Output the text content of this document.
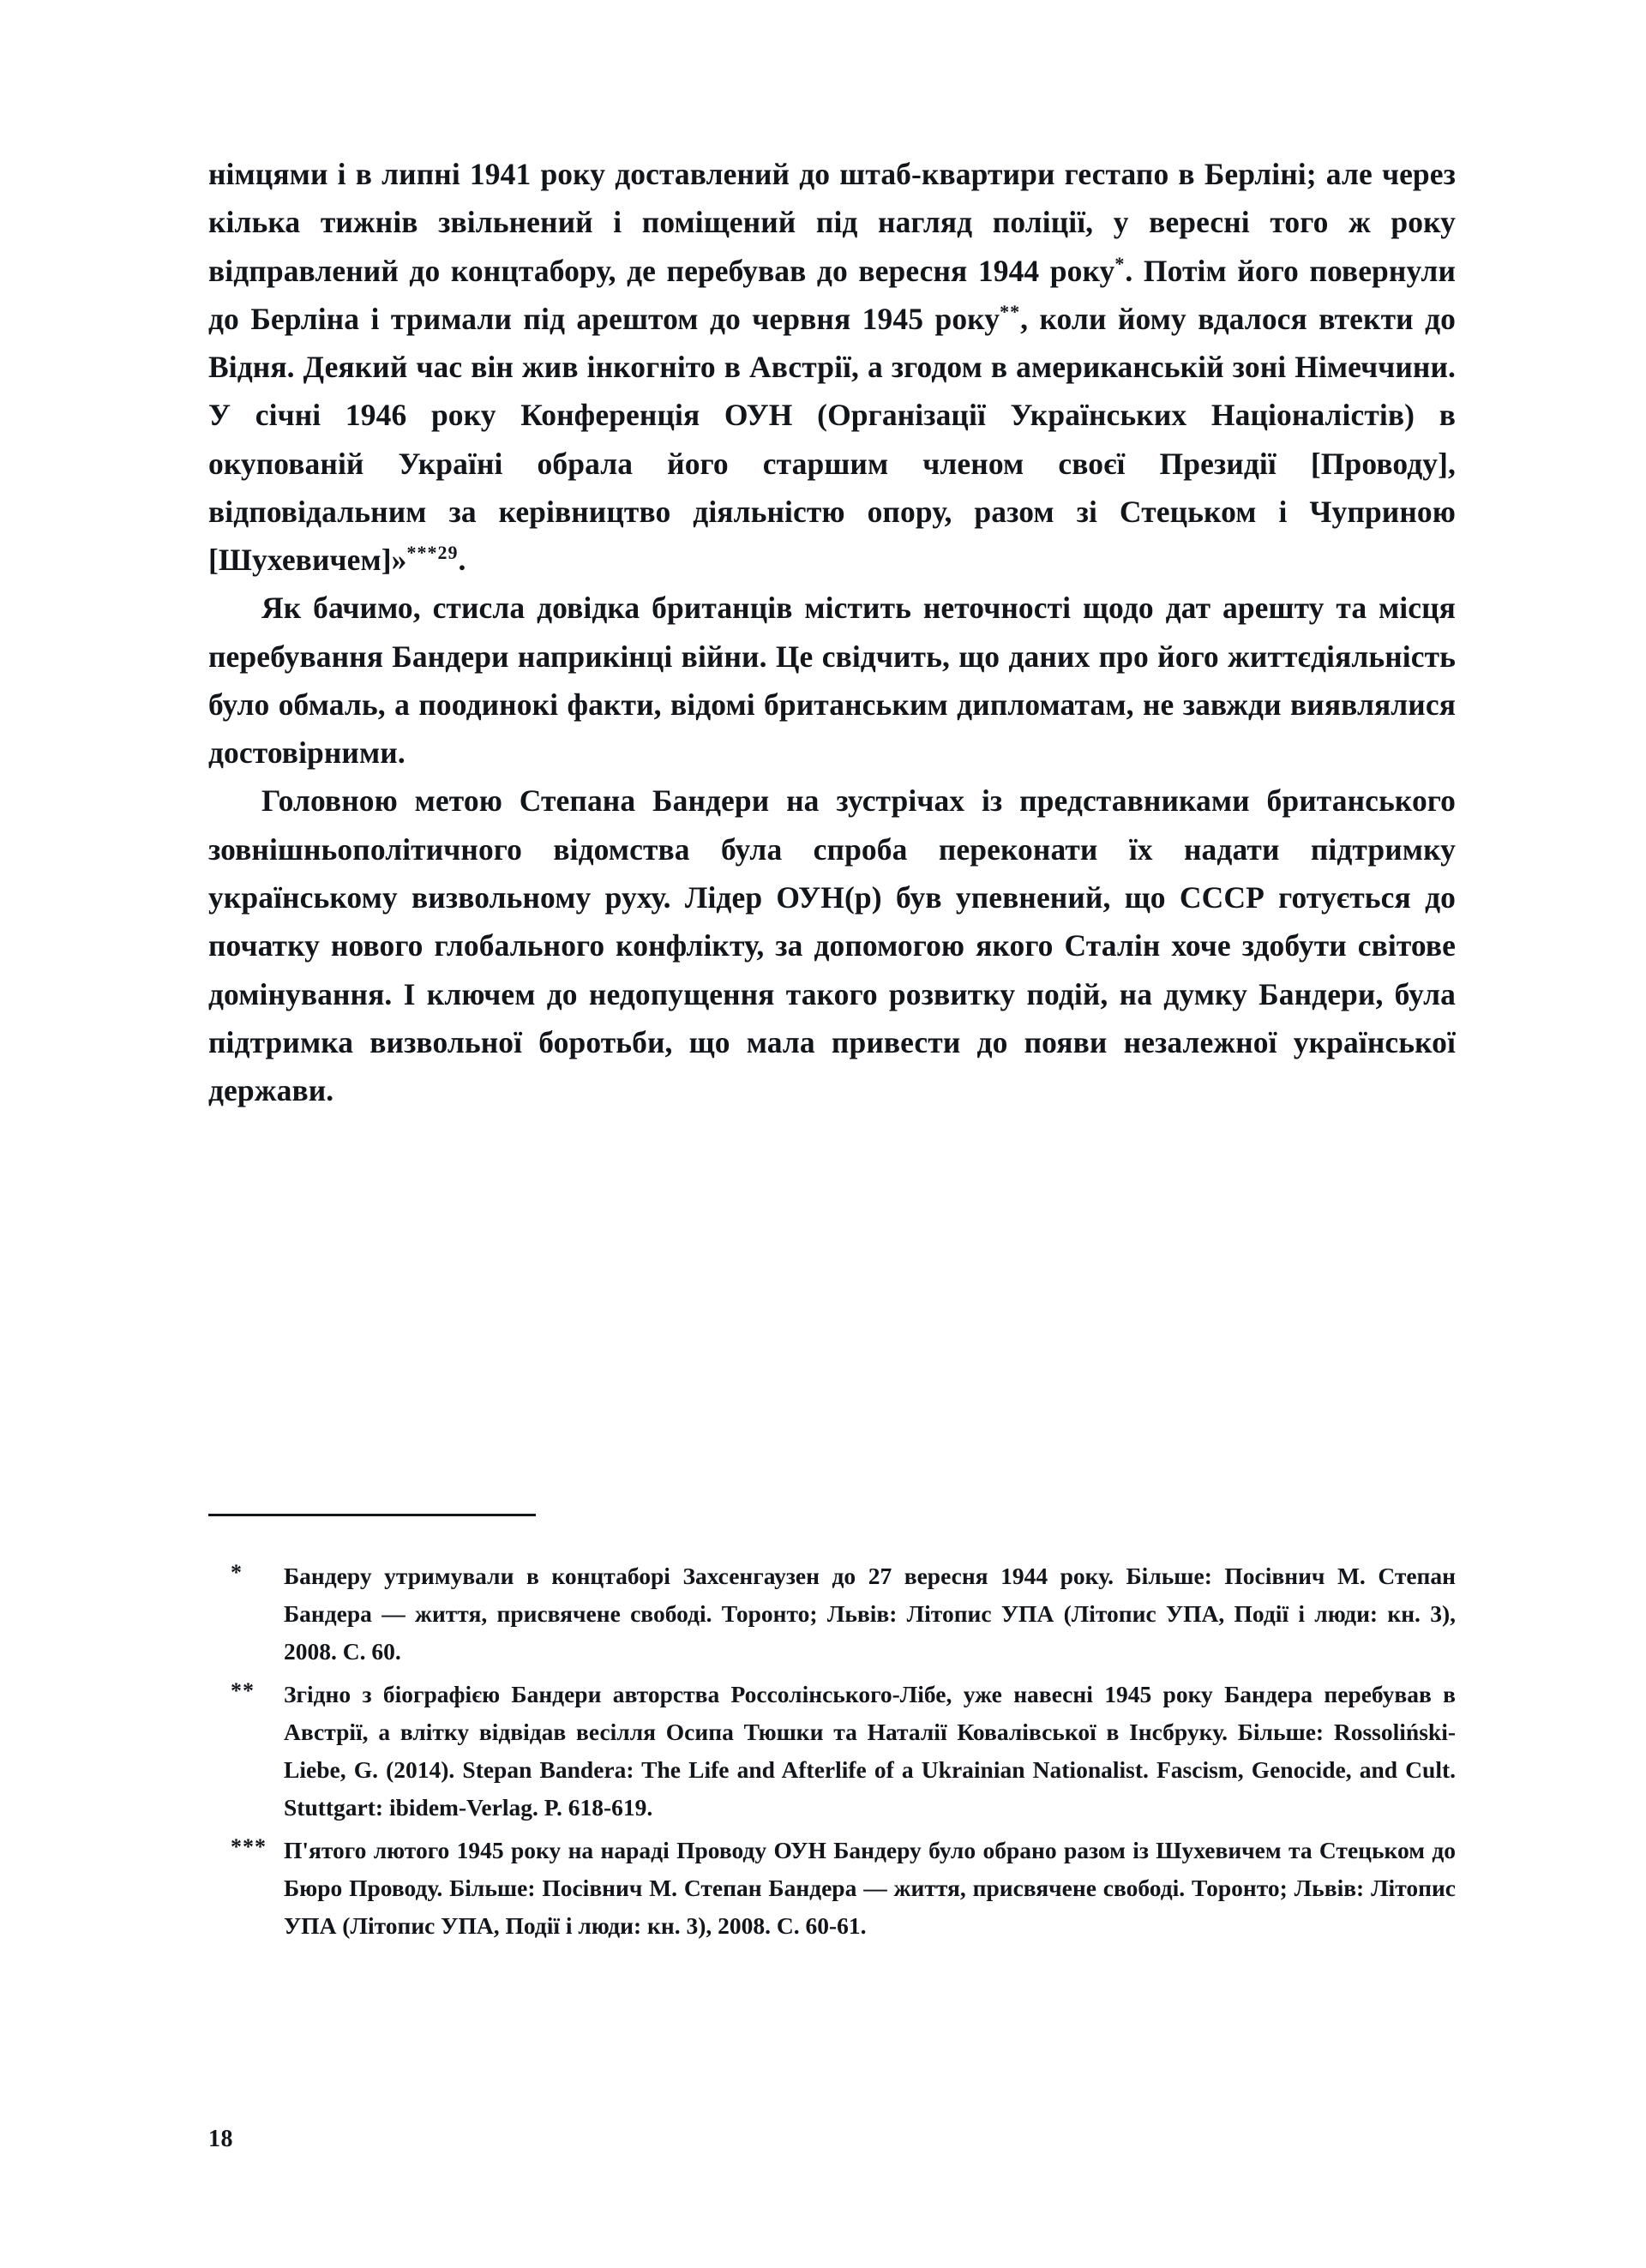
німцями і в липні 1941 року доставлений до штаб-квартири гестапо в Берліні; але через кілька тижнів звільнений і поміщений під нагляд поліції, у вересні того ж року відправлений до концтабору, де перебував до вересня 1944 року*. Потім його повернули до Берліна і тримали під арештом до червня 1945 року**, коли йому вдалося втекти до Відня. Деякий час він жив інкогніто в Австрії, а згодом в американській зоні Німеччини. У січні 1946 року Конференція ОУН (Організації Українських Націоналістів) в окупованій Україні обрала його старшим членом своєї Президії [Проводу], відповідальним за керівництво діяльністю опору, разом зі Стецьком і Чуприною [Шухевичем]»$^{***29}$.

Як бачимо, стисла довідка британців містить неточності щодо дат арешту та місця перебування Бандери наприкінці війни. Це свідчить, що даних про його життєдіяльність було обмаль, а поодинокі факти, відомі британським дипломатам, не завжди виявлялися достовірними.

Головною метою Степана Бандери на зустрічах із представниками британського зовнішньополітичного відомства була спроба переконати їх надати підтримку українському визвольному руху. Лідер ОУН(р) був упевнений, що СССР готується до початку нового глобального конфлікту, за допомогою якого Сталін хоче здобути світове домінування. І ключем до недопущення такого розвитку подій, на думку Бандери, була підтримка визвольної боротьби, що мала привести до появи незалежної української держави.

*	Бандеру утримували в концтаборі Захсенгаузен до 27 вересня 1944 року. Більше: Посівнич М. Степан Бандера — життя, присвячене свободі. Торонто; Львів: Літопис УПА (Літопис УПА, Події і люди: кн. 3), 2008. С. 60.
**	Згідно з біографією Бандери авторства Россолінського-Лібе, уже навесні 1945 року Бандера перебував в Австрії, а влітку відвідав весілля Осипа Тюшки та Наталії Ковалівської в Інсбруку. Більше: Rossoliński-Liebe, G. (2014). Stepan Bandera: The Life and Afterlife of a Ukrainian Nationalist. Fascism, Genocide, and Cult. Stuttgart: ibidem-Verlag. P. 618-619.
*** П'ятого лютого 1945 року на нараді Проводу ОУН Бандеру було обрано разом із Шухевичем та Стецьком до Бюро Проводу. Більше: Посівнич М. Степан Бандера — життя, присвячене свободі. Торонто; Львів: Літопис УПА (Літопис УПА, Події і люди: кн. 3), 2008. С. 60-61.
18
